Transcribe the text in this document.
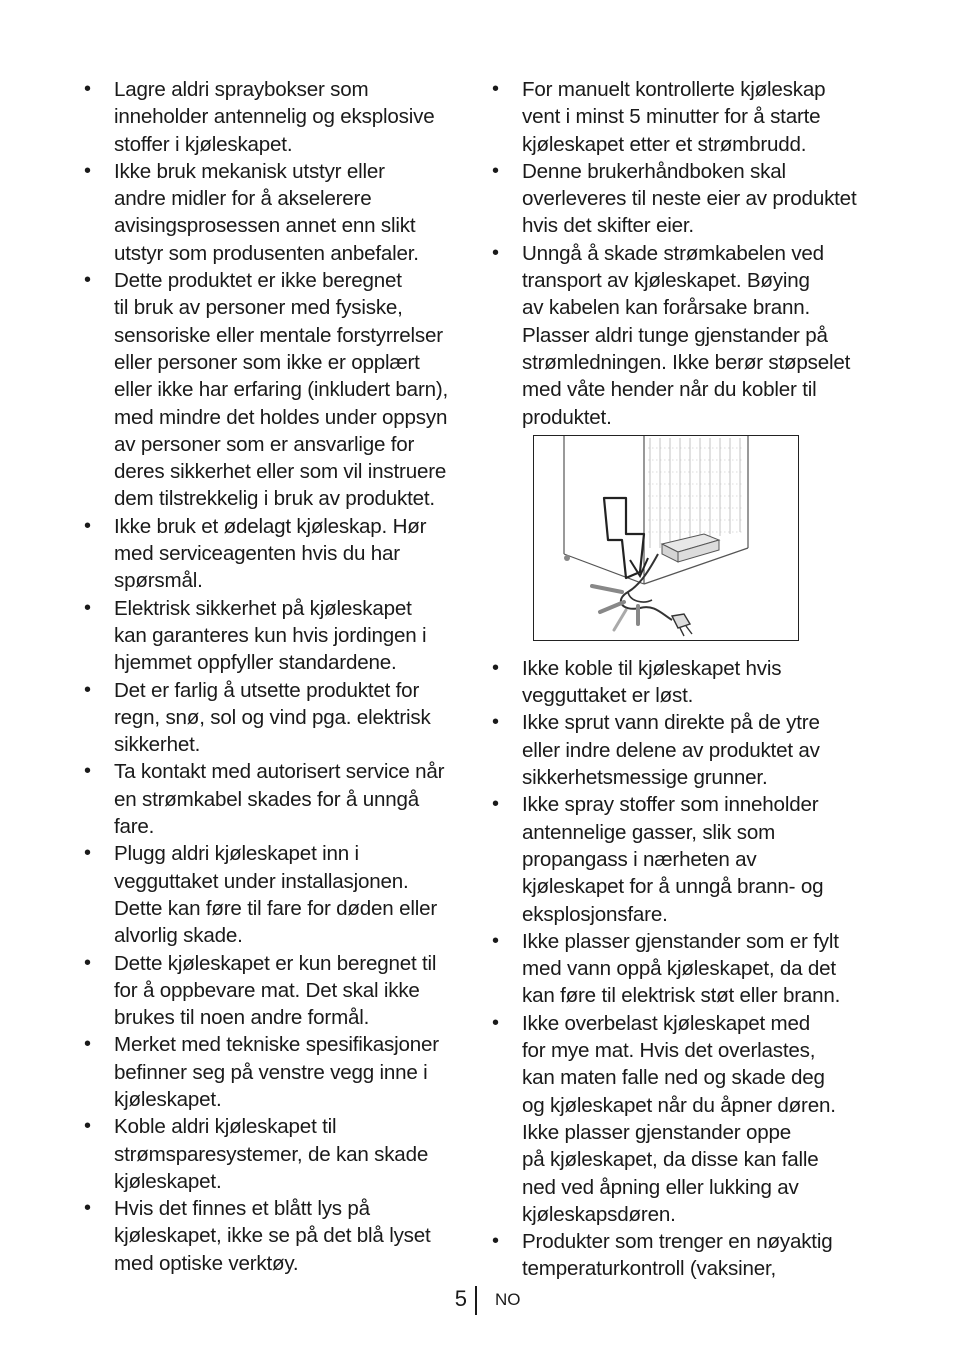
• Lagre aldri spraybokser som
inneholder antennelig og eksplosive
stoffer i kjøleskapet.
• Ikke bruk mekanisk utstyr eller
andre midler for å akselerere
avisingsprosessen annet enn slikt
utstyr som produsenten anbefaler.
• Dette produktet er ikke beregnet
til bruk av personer med fysiske,
sensoriske eller mentale forstyrrelser
eller personer som ikke er opplært
eller ikke har erfaring (inkludert barn),
med mindre det holdes under oppsyn
av personer som er ansvarlige for
deres sikkerhet eller som vil instruere
dem tilstrekkelig i bruk av produktet.
• Ikke bruk et ødelagt kjøleskap. Hør
med serviceagenten hvis du har
spørsmål.
• Elektrisk sikkerhet på kjøleskapet
kan garanteres kun hvis jordingen i
hjemmet oppfyller standardene.
• Det er farlig å utsette produktet for
regn, snø, sol og vind pga. elektrisk
sikkerhet.
• Ta kontakt med autorisert service når
en strømkabel skades for å unngå
fare.
• Plugg aldri kjøleskapet inn i
vegguttaket under installasjonen.
Dette kan føre til fare for døden eller
alvorlig skade.
• Dette kjøleskapet er kun beregnet til
for å oppbevare mat. Det skal ikke
brukes til noen andre formål.
• Merket med tekniske spesifikasjoner
befinner seg på venstre vegg inne i
kjøleskapet.
• Koble aldri kjøleskapet til
strømsparesystemer, de kan skade
kjøleskapet.
• Hvis det finnes et blått lys på
kjøleskapet, ikke se på det blå lyset
med optiske verktøy.
• For manuelt kontrollerte kjøleskap
vent i minst 5 minutter for å starte
kjøleskapet etter et strømbrudd.
• Denne brukerhåndboken skal
overleveres til neste eier av produktet
hvis det skifter eier.
• Unngå å skade strømkabelen ved
transport av kjøleskapet. Bøying
av kabelen kan forårsake brann.
Plasser aldri tunge gjenstander på
strømledningen. Ikke berør støpselet
med våte hender når du kobler til
produktet.
• Ikke koble til kjøleskapet hvis
vegguttaket er løst.
• Ikke sprut vann direkte på de ytre
eller indre delene av produktet av
sikkerhetsmessige grunner.
• Ikke spray stoffer som inneholder
antennelige gasser, slik som
propangass i nærheten av
kjøleskapet for å unngå brann- og
eksplosjonsfare.
• Ikke plasser gjenstander som er fylt
med vann oppå kjøleskapet, da det
kan føre til elektrisk støt eller brann.
• Ikke overbelast kjøleskapet med
for mye mat. Hvis det overlastes,
kan maten falle ned og skade deg
og kjøleskapet når du åpner døren.
Ikke plasser gjenstander oppe
på kjøleskapet, da disse kan falle
ned ved åpning eller lukking av
kjøleskapsdøren.
• Produkter som trenger en nøyaktig
temperaturkontroll (vaksiner,
5 NO
